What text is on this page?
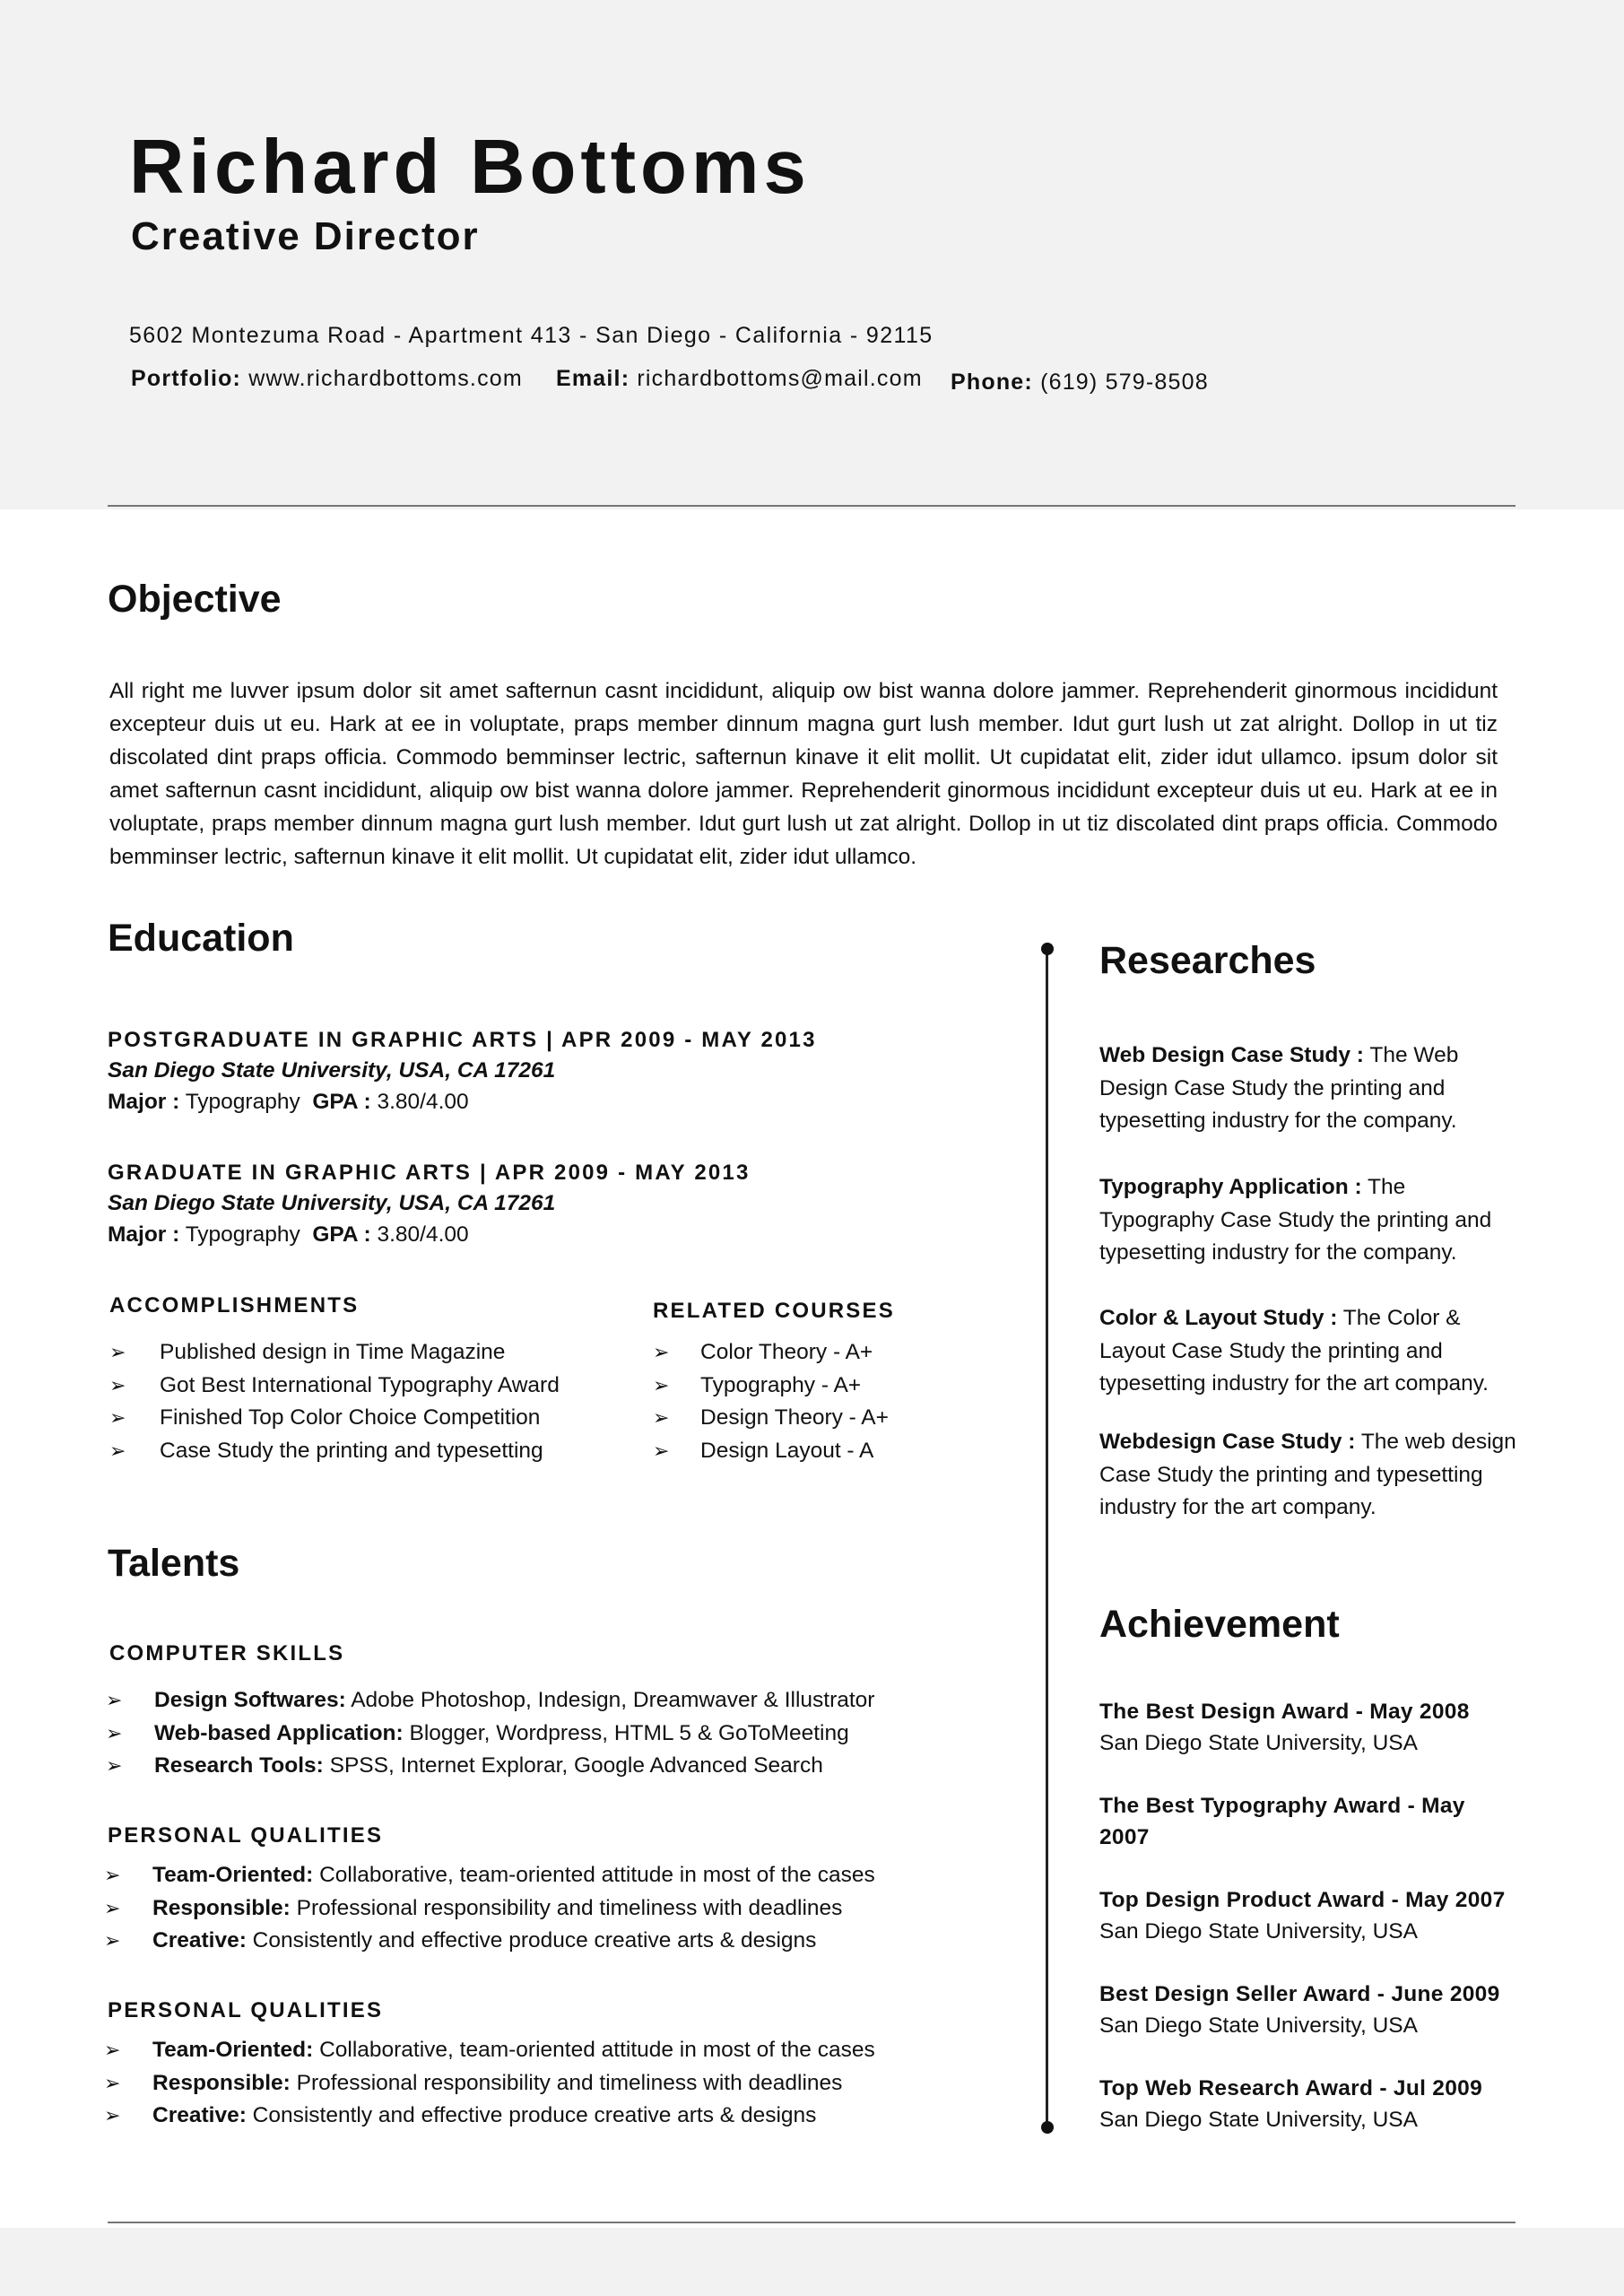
Richard Bottoms
Creative Director
5602 Montezuma Road - Apartment 413 - San Diego - California - 92115
Portfolio: www.richardbottoms.com Email: richardbottoms@mail.com Phone: (619) 579-8508
Objective
All right me luvver ipsum dolor sit amet safternun casnt incididunt, aliquip ow bist wanna dolore jammer. Reprehenderit ginormous incididunt excepteur duis ut eu. Hark at ee in voluptate, praps member dinnum magna gurt lush member. Idut gurt lush ut zat alright. Dollop in ut tiz discolated dint praps officia. Commodo bemminser lectric, safternun kinave it elit mollit. Ut cupidatat elit, zider idut ullamco. ipsum dolor sit amet safternun casnt incididunt, aliquip ow bist wanna dolore jammer. Reprehenderit ginormous incididunt excepteur duis ut eu. Hark at ee in voluptate, praps member dinnum magna gurt lush member. Idut gurt lush ut zat alright. Dollop in ut tiz discolated dint praps officia. Commodo bemminser lectric, safternun kinave it elit mollit. Ut cupidatat elit, zider idut ullamco.
Education
POSTGRADUATE IN GRAPHIC ARTS | APR 2009 - MAY 2013
San Diego State University, USA, CA 17261
Major : Typography GPA : 3.80/4.00
GRADUATE IN GRAPHIC ARTS | APR 2009 - MAY 2013
San Diego State University, USA, CA 17261
Major : Typography GPA : 3.80/4.00
ACCOMPLISHMENTS
➢ Published design in Time Magazine
➢ Got Best International Typography Award
➢ Finished Top Color Choice Competition
➢ Case Study the printing and typesetting
RELATED COURSES
➢ Color Theory - A+
➢ Typography - A+
➢ Design Theory - A+
➢ Design Layout - A
Talents
COMPUTER SKILLS
➢ Design Softwares: Adobe Photoshop, Indesign, Dreamwaver & Illustrator
➢ Web-based Application: Blogger, Wordpress, HTML 5 & GoToMeeting
➢ Research Tools: SPSS, Internet Explorar, Google Advanced Search
PERSONAL QUALITIES
➢ Team-Oriented: Collaborative, team-oriented attitude in most of the cases
➢ Responsible: Professional responsibility and timeliness with deadlines
➢ Creative: Consistently and effective produce creative arts & designs
PERSONAL QUALITIES
➢ Team-Oriented: Collaborative, team-oriented attitude in most of the cases
➢ Responsible: Professional responsibility and timeliness with deadlines
➢ Creative: Consistently and effective produce creative arts & designs
Researches
Web Design Case Study : The Web Design Case Study the printing and typesetting industry for the company.
Typography Application : The Typography Case Study the printing and typesetting industry for the company.
Color & Layout Study : The Color & Layout Case Study the printing and typesetting industry for the art company.
Webdesign Case Study : The web design Case Study the printing and typesetting industry for the art company.
Achievement
The Best Design Award - May 2008
San Diego State University, USA
The Best Typography Award - May 2007
Top Design Product Award - May 2007
San Diego State University, USA
Best Design Seller Award - June 2009
San Diego State University, USA
Top Web Research Award - Jul 2009
San Diego State University, USA
